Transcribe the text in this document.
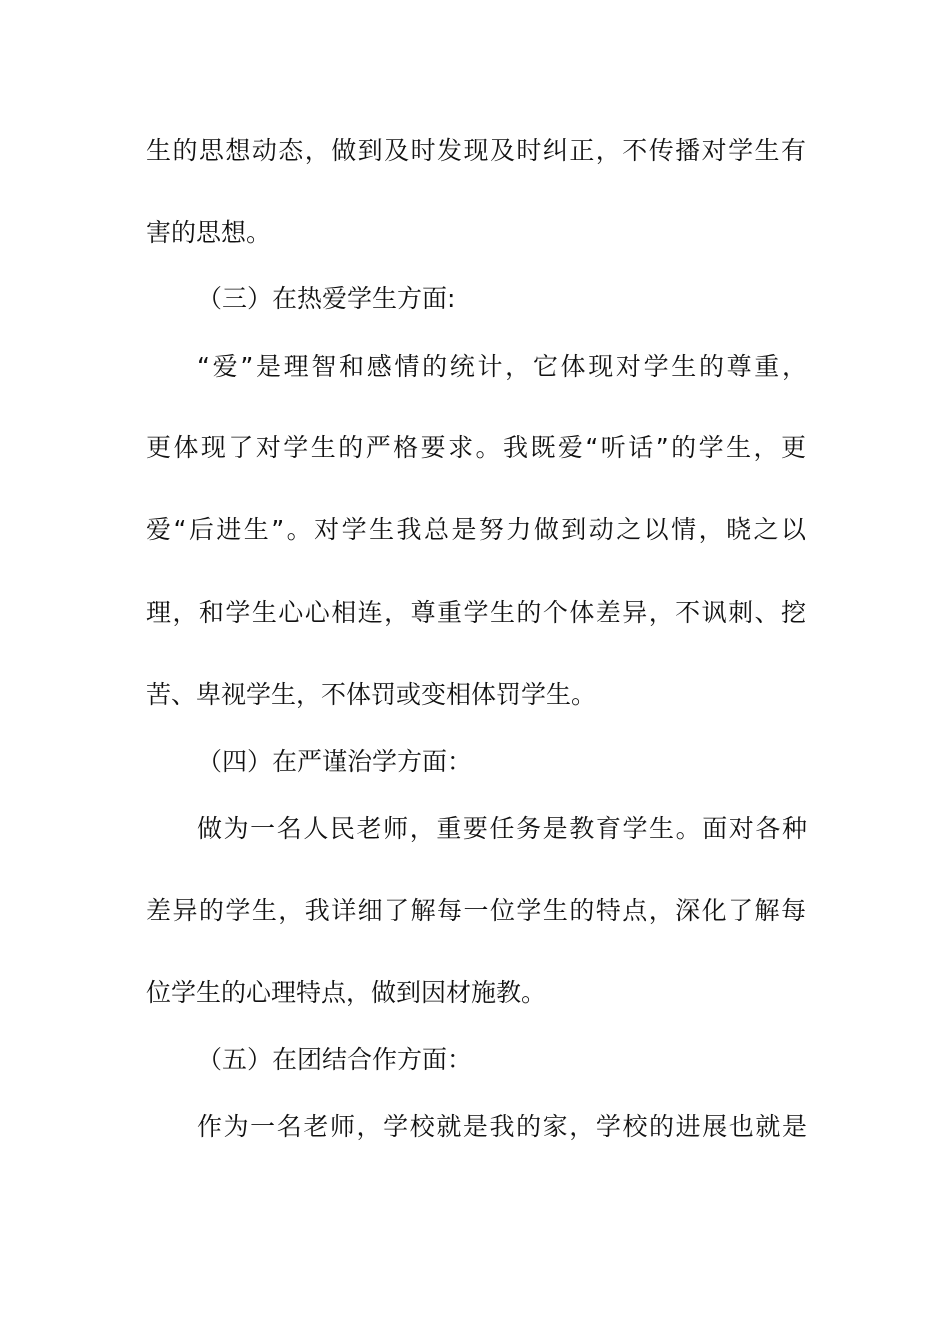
生的思想动态，做到及时发现及时纠正，不传播对学生有

害的思想。

（三）在热爱学生方面:

“爱”是理智和感情的统计，它体现对学生的尊重，

更体现了对学生的严格要求。我既爱“听话”的学生，更

爱“后进生”。对学生我总是努力做到动之以情，晓之以

理，和学生心心相连，尊重学生的个体差异，不讽刺、挖

苦、卑视学生，不体罚或变相体罚学生。

（四）在严谨治学方面：

做为一名人民老师，重要任务是教育学生。面对各种

差异的学生，我详细了解每一位学生的特点，深化了解每

位学生的心理特点，做到因材施教。

（五）在团结合作方面：

作为一名老师，学校就是我的家，学校的进展也就是
